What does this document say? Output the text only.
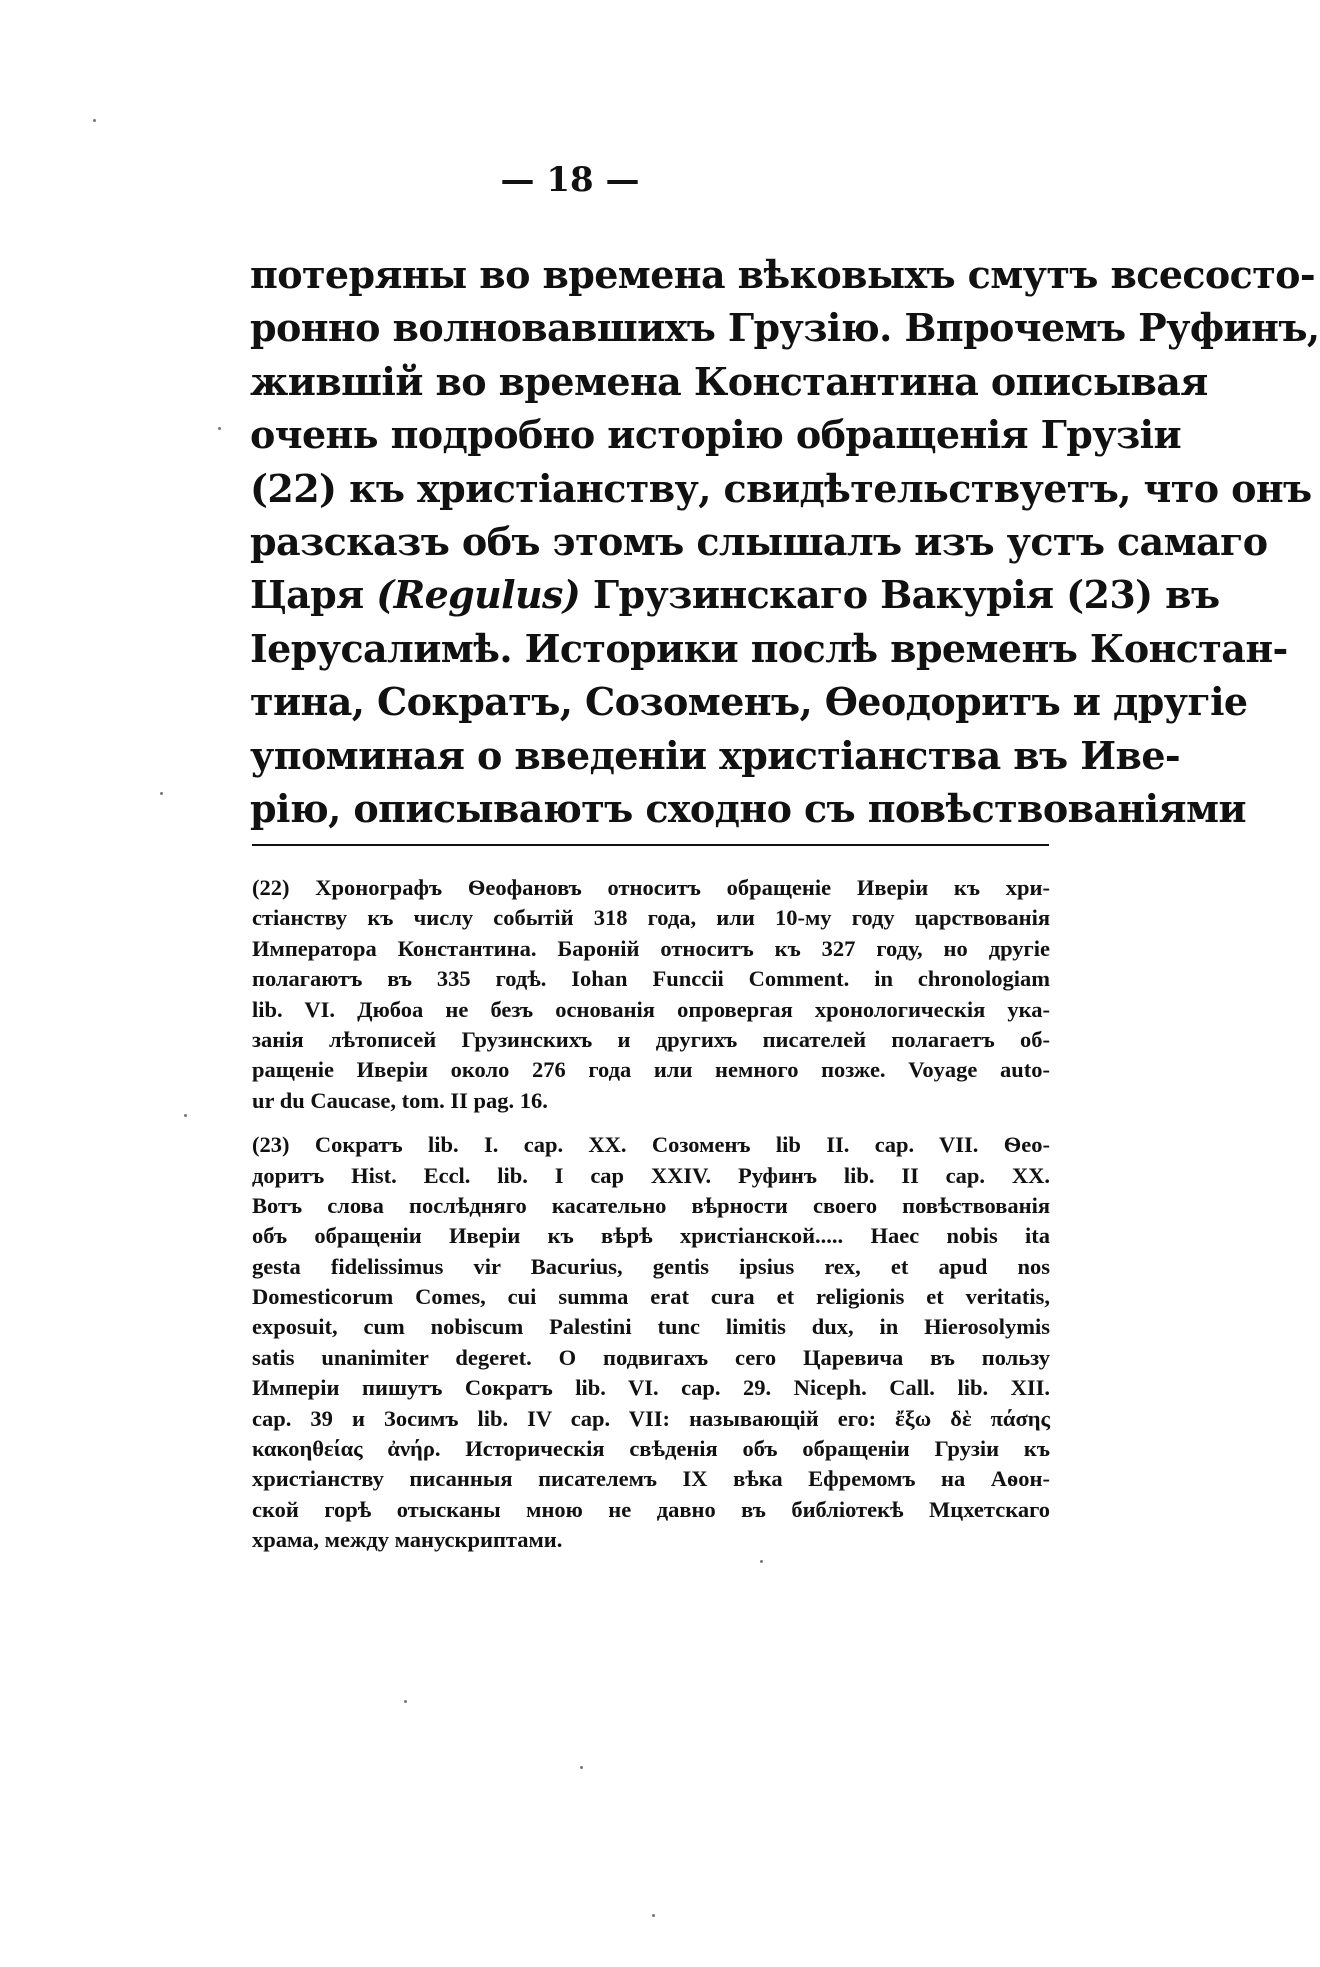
— 18 —
потеряны во времена вѣковыхъ смутъ всесосто-
ронно волновавшихъ Грузію. Впрочемъ Руфинъ,
жившій во времена Константина описывая
очень подробно исторію обращенія Грузіи
(22) къ христіанству, свидѣтельствуетъ, что онъ
разсказъ объ этомъ слышалъ изъ устъ самаго
Царя (Regulus) Грузинскаго Вакурія (23) въ
Іерусалимѣ. Историки послѣ временъ Констан-
тина, Сократъ, Созоменъ, Ѳеодоритъ и другіе
упоминая о введеніи христіанства въ Иве-
рію, описываютъ сходно съ повѣствованіями
(22) Хронографъ Ѳеофановъ относитъ обращеніе Иверіи къ хри-
стіанству къ числу событій 318 года, или 10-му году царствованія
Императора Константина. Бароній относитъ къ 327 году, но другіе
полагаютъ въ 335 годѣ. Iohan Funccii Comment. in chronologiam
lib. VI. Дюбоа не безъ основанія опровергая хронологическія ука-
занія лѣтописей Грузинскихъ и другихъ писателей полагаетъ об-
ращеніе Иверіи около 276 года или немного позже. Voyage autо-
ur du Caucase, tom. II pag. 16.
(23) Сократъ lib. I. cap. XX. Созоменъ lib II. cap. VII. Ѳео-
доритъ Hist. Eccl. lib. I cap XXIV. Руфинъ lib. II cap. XX.
Вотъ слова послѣдняго касательно вѣрности своего повѣствованія
объ обращеніи Иверіи къ вѣрѣ христіанской..... Haec nobis ita
gesta fidelissimus vir Bacurius, gentis ipsius rex, et apud nos
Domesticorum Comes, cui summa erat cura et religionis et veritatis,
exposuit, cum nobiscum Palestini tunc limitis dux, in Hierosolymis
satis unanimiter degeret. О подвигахъ сего Царевича въ пользу
Имперіи пишутъ Сократъ lib. VI. cap. 29. Niceph. Call. lib. XII.
cap. 39 и Зосимъ lib. IV cap. VII: называющій его: ἔξω δὲ πάσης
κακοηθείας ἀνήρ. Историческія свѣденія объ обращеніи Грузіи къ
христіанству писанныя писателемъ IX вѣка Ефремомъ на Аѳон-
ской горѣ отысканы мною не давно въ библіотекѣ Мцхетскаго
храма, между манускриптами.
